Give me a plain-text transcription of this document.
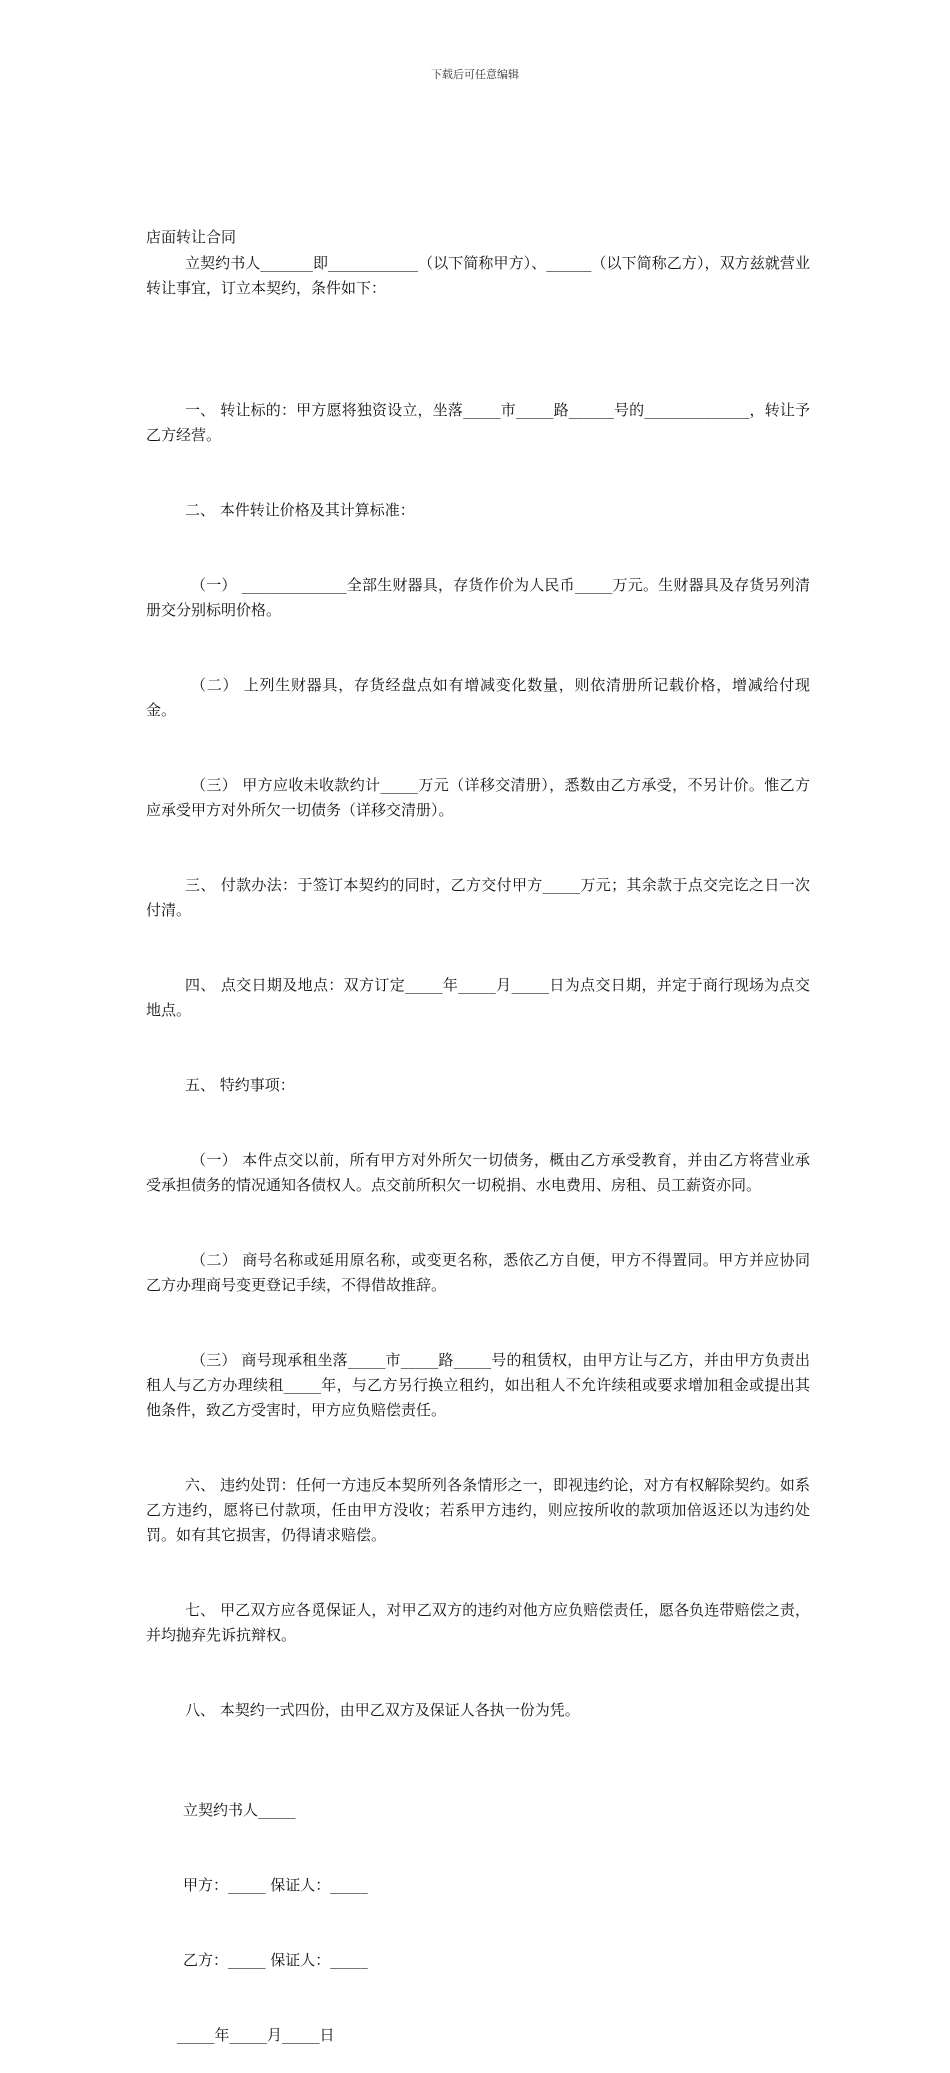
下载后可任意编辑
店面转让合同

立契约书人_______即____________（以下简称甲方）、______（以下简称乙方），双方兹就营业转让事宜，订立本契约，条件如下：

一、 转让标的：甲方愿将独资设立，坐落_____市_____路______号的______________，转让予乙方经营。

二、 本件转让价格及其计算标准：

（一） ______________全部生财器具，存货作价为人民币_____万元。生财器具及存货另列清册交分别标明价格。

（二） 上列生财器具，存货经盘点如有增减变化数量，则依清册所记载价格，增减给付现金。

（三） 甲方应收未收款约计_____万元（详移交清册），悉数由乙方承受，不另计价。惟乙方应承受甲方对外所欠一切债务（详移交清册）。

三、 付款办法：于签订本契约的同时，乙方交付甲方_____万元；其余款于点交完讫之日一次付清。

四、 点交日期及地点：双方订定_____年_____月_____日为点交日期，并定于商行现场为点交地点。

五、 特约事项：

（一） 本件点交以前，所有甲方对外所欠一切债务，概由乙方承受教育，并由乙方将营业承受承担债务的情况通知各债权人。点交前所积欠一切税捐、水电费用、房租、员工薪资亦同。

（二） 商号名称或延用原名称，或变更名称，悉依乙方自便，甲方不得置同。甲方并应协同乙方办理商号变更登记手续，不得借故推辞。

（三） 商号现承租坐落_____市_____路_____号的租赁权，由甲方让与乙方，并由甲方负责出租人与乙方办理续租_____年，与乙方另行换立租约，如出租人不允许续租或要求增加租金或提出其他条件，致乙方受害时，甲方应负赔偿责任。

六、 违约处罚：任何一方违反本契所列各条情形之一，即视违约论，对方有权解除契约。如系乙方违约，愿将已付款项，任由甲方没收；若系甲方违约，则应按所收的款项加倍返还以为违约处罚。如有其它损害，仍得请求赔偿。

七、 甲乙双方应各觅保证人，对甲乙双方的违约对他方应负赔偿责任，愿各负连带赔偿之责，并均抛弃先诉抗辩权。

八、 本契约一式四份，由甲乙双方及保证人各执一份为凭。

立契约书人_____

甲方：_____ 保证人：_____

乙方：_____ 保证人：_____

_____年_____月_____日
